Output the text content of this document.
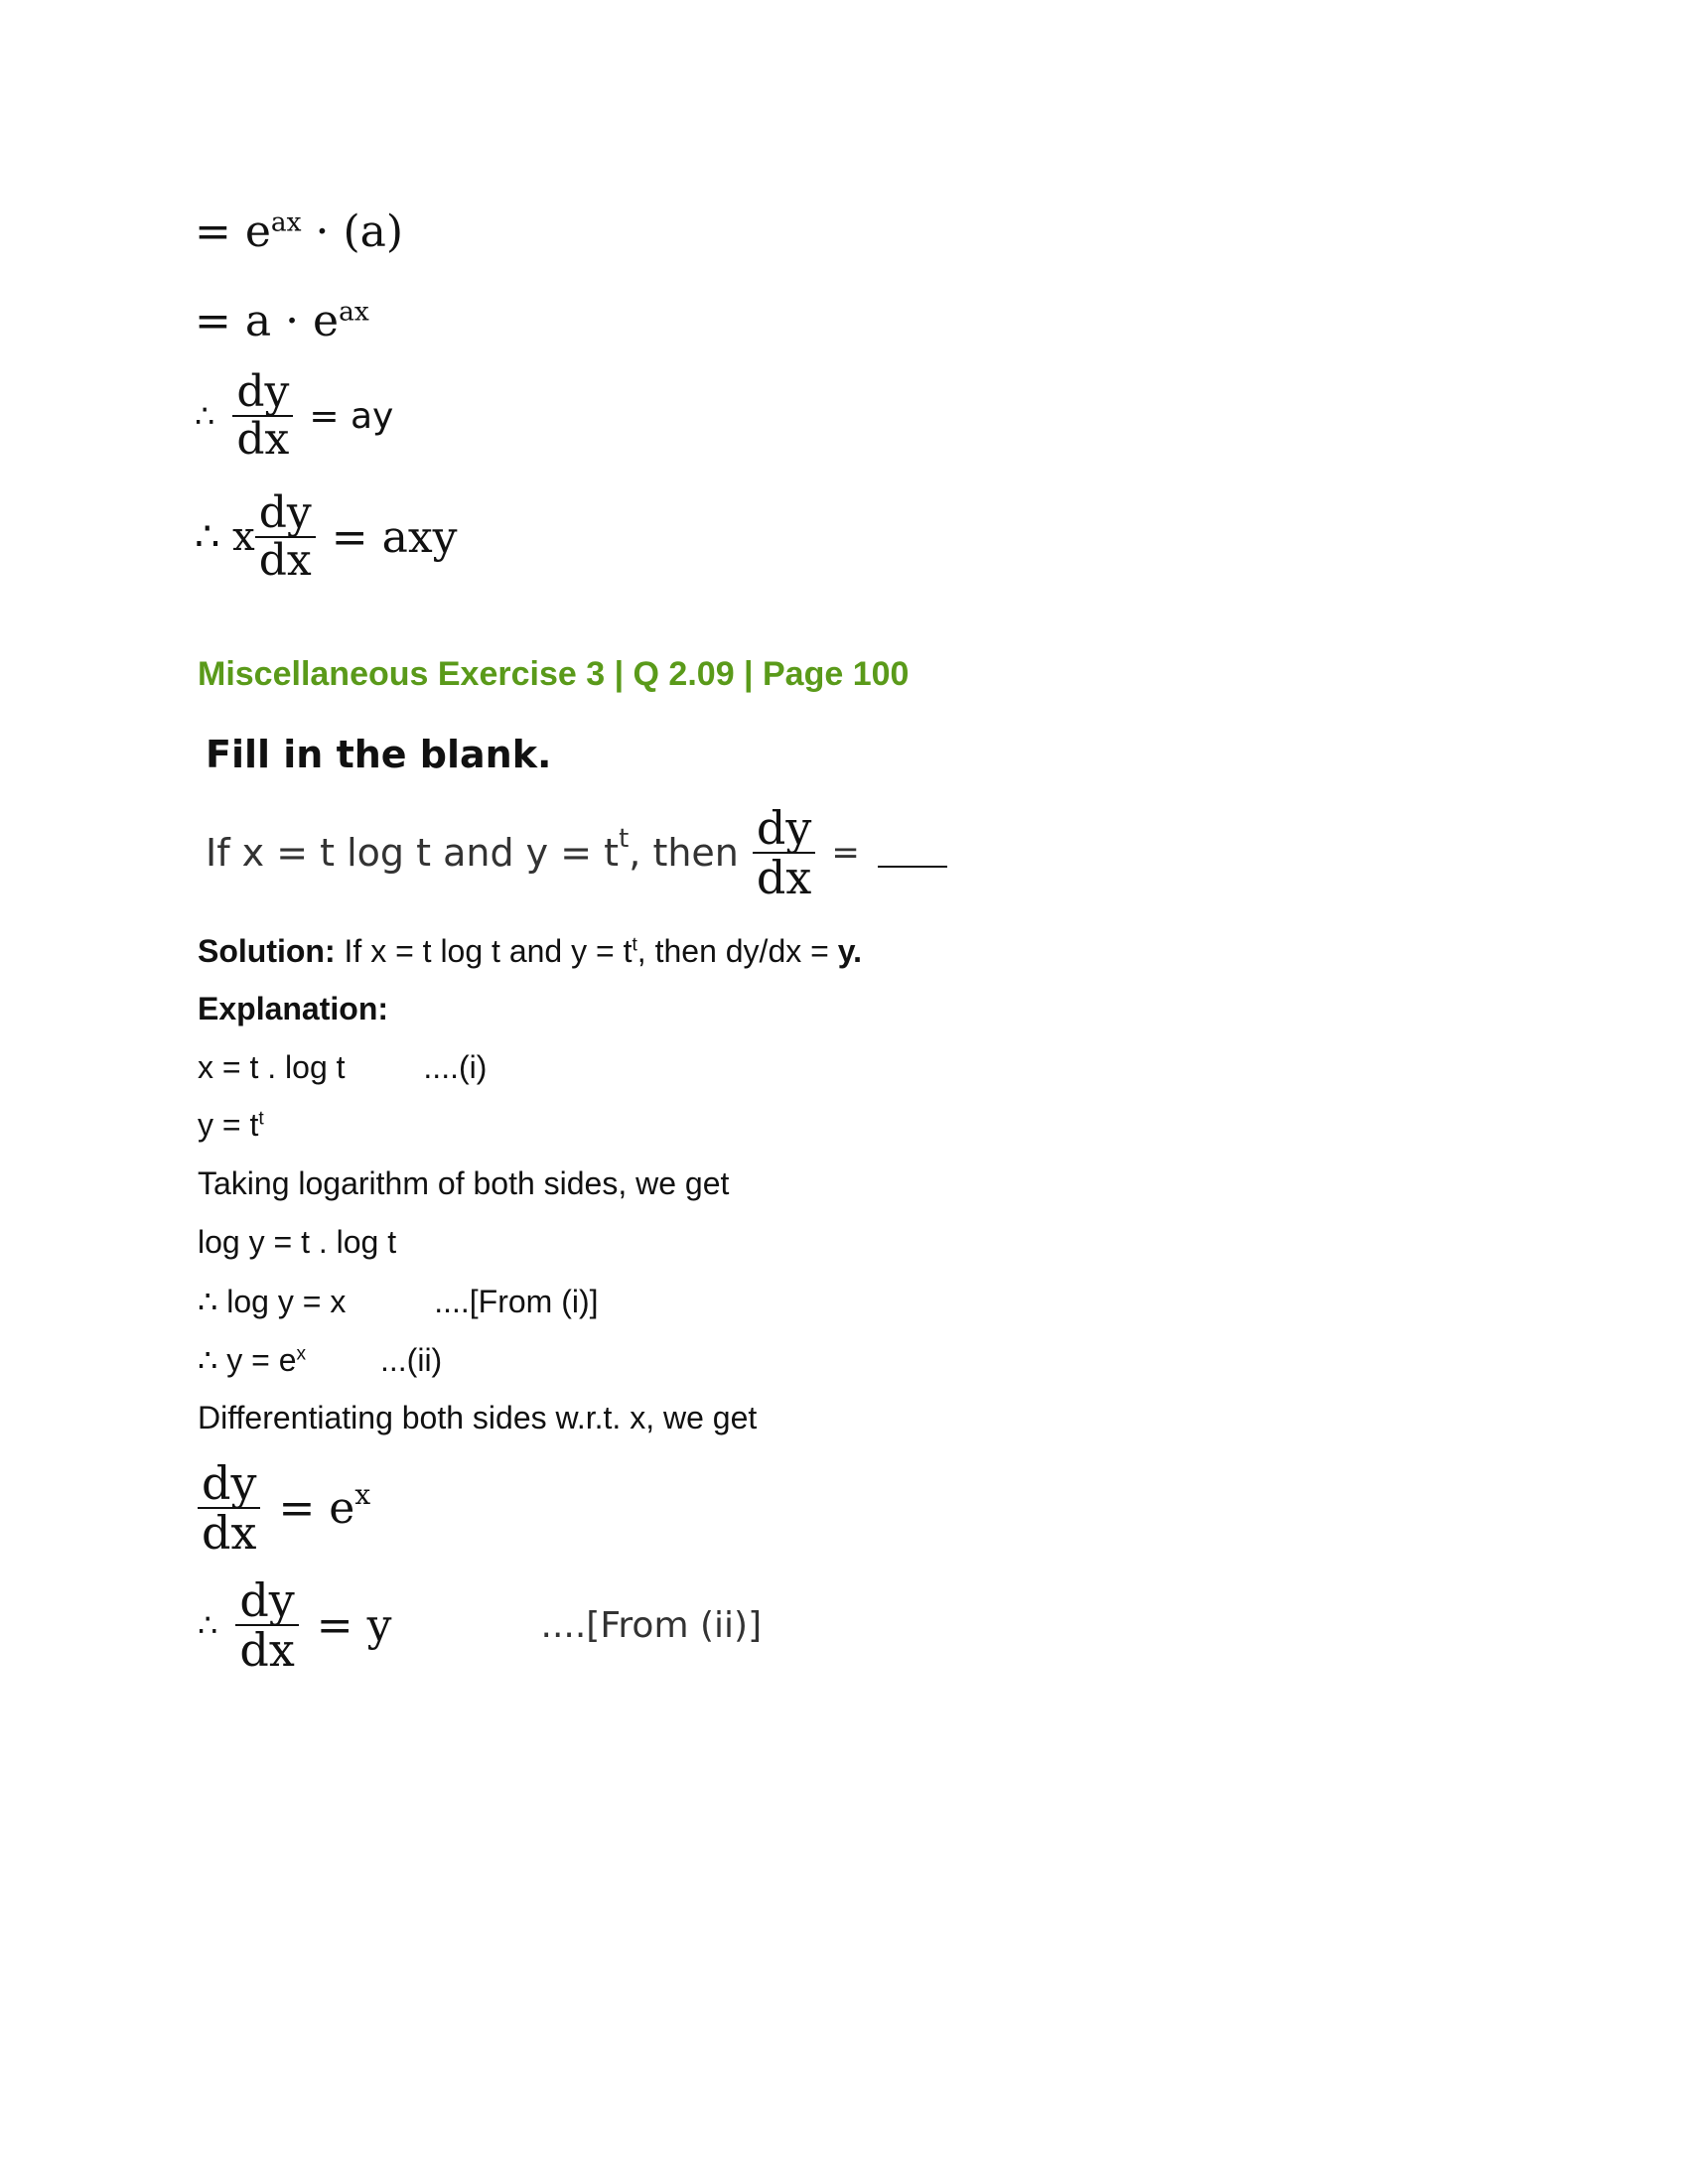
= $e^{ax} \cdot (a)$
= $a \cdot e^{ax}$
∴ $\frac{dy}{dx}$ = ay
∴ x $\frac{dy}{dx}$ = axy
Miscellaneous Exercise 3 | Q 2.09 | Page 100
Fill in the blank.
If x = t log t and $y = t^t$ , then $\frac{dy}{dx}$ =
Solution: If x = t log t and $y = t^t$, then dy/dx = y.
Explanation:
x = t . log t ....(i)
$y = t^t$
Taking logarithm of both sides, we get
log y = t . log t
∴ log y = x	....[From (i)]
∴ $y = e^x$ ...(ii)
Differentiating both sides w.r.t. x, we get
$\frac{dy}{dx} = e^x$
∴ $\frac{dy}{dx} = y$	....[From (ii)]
